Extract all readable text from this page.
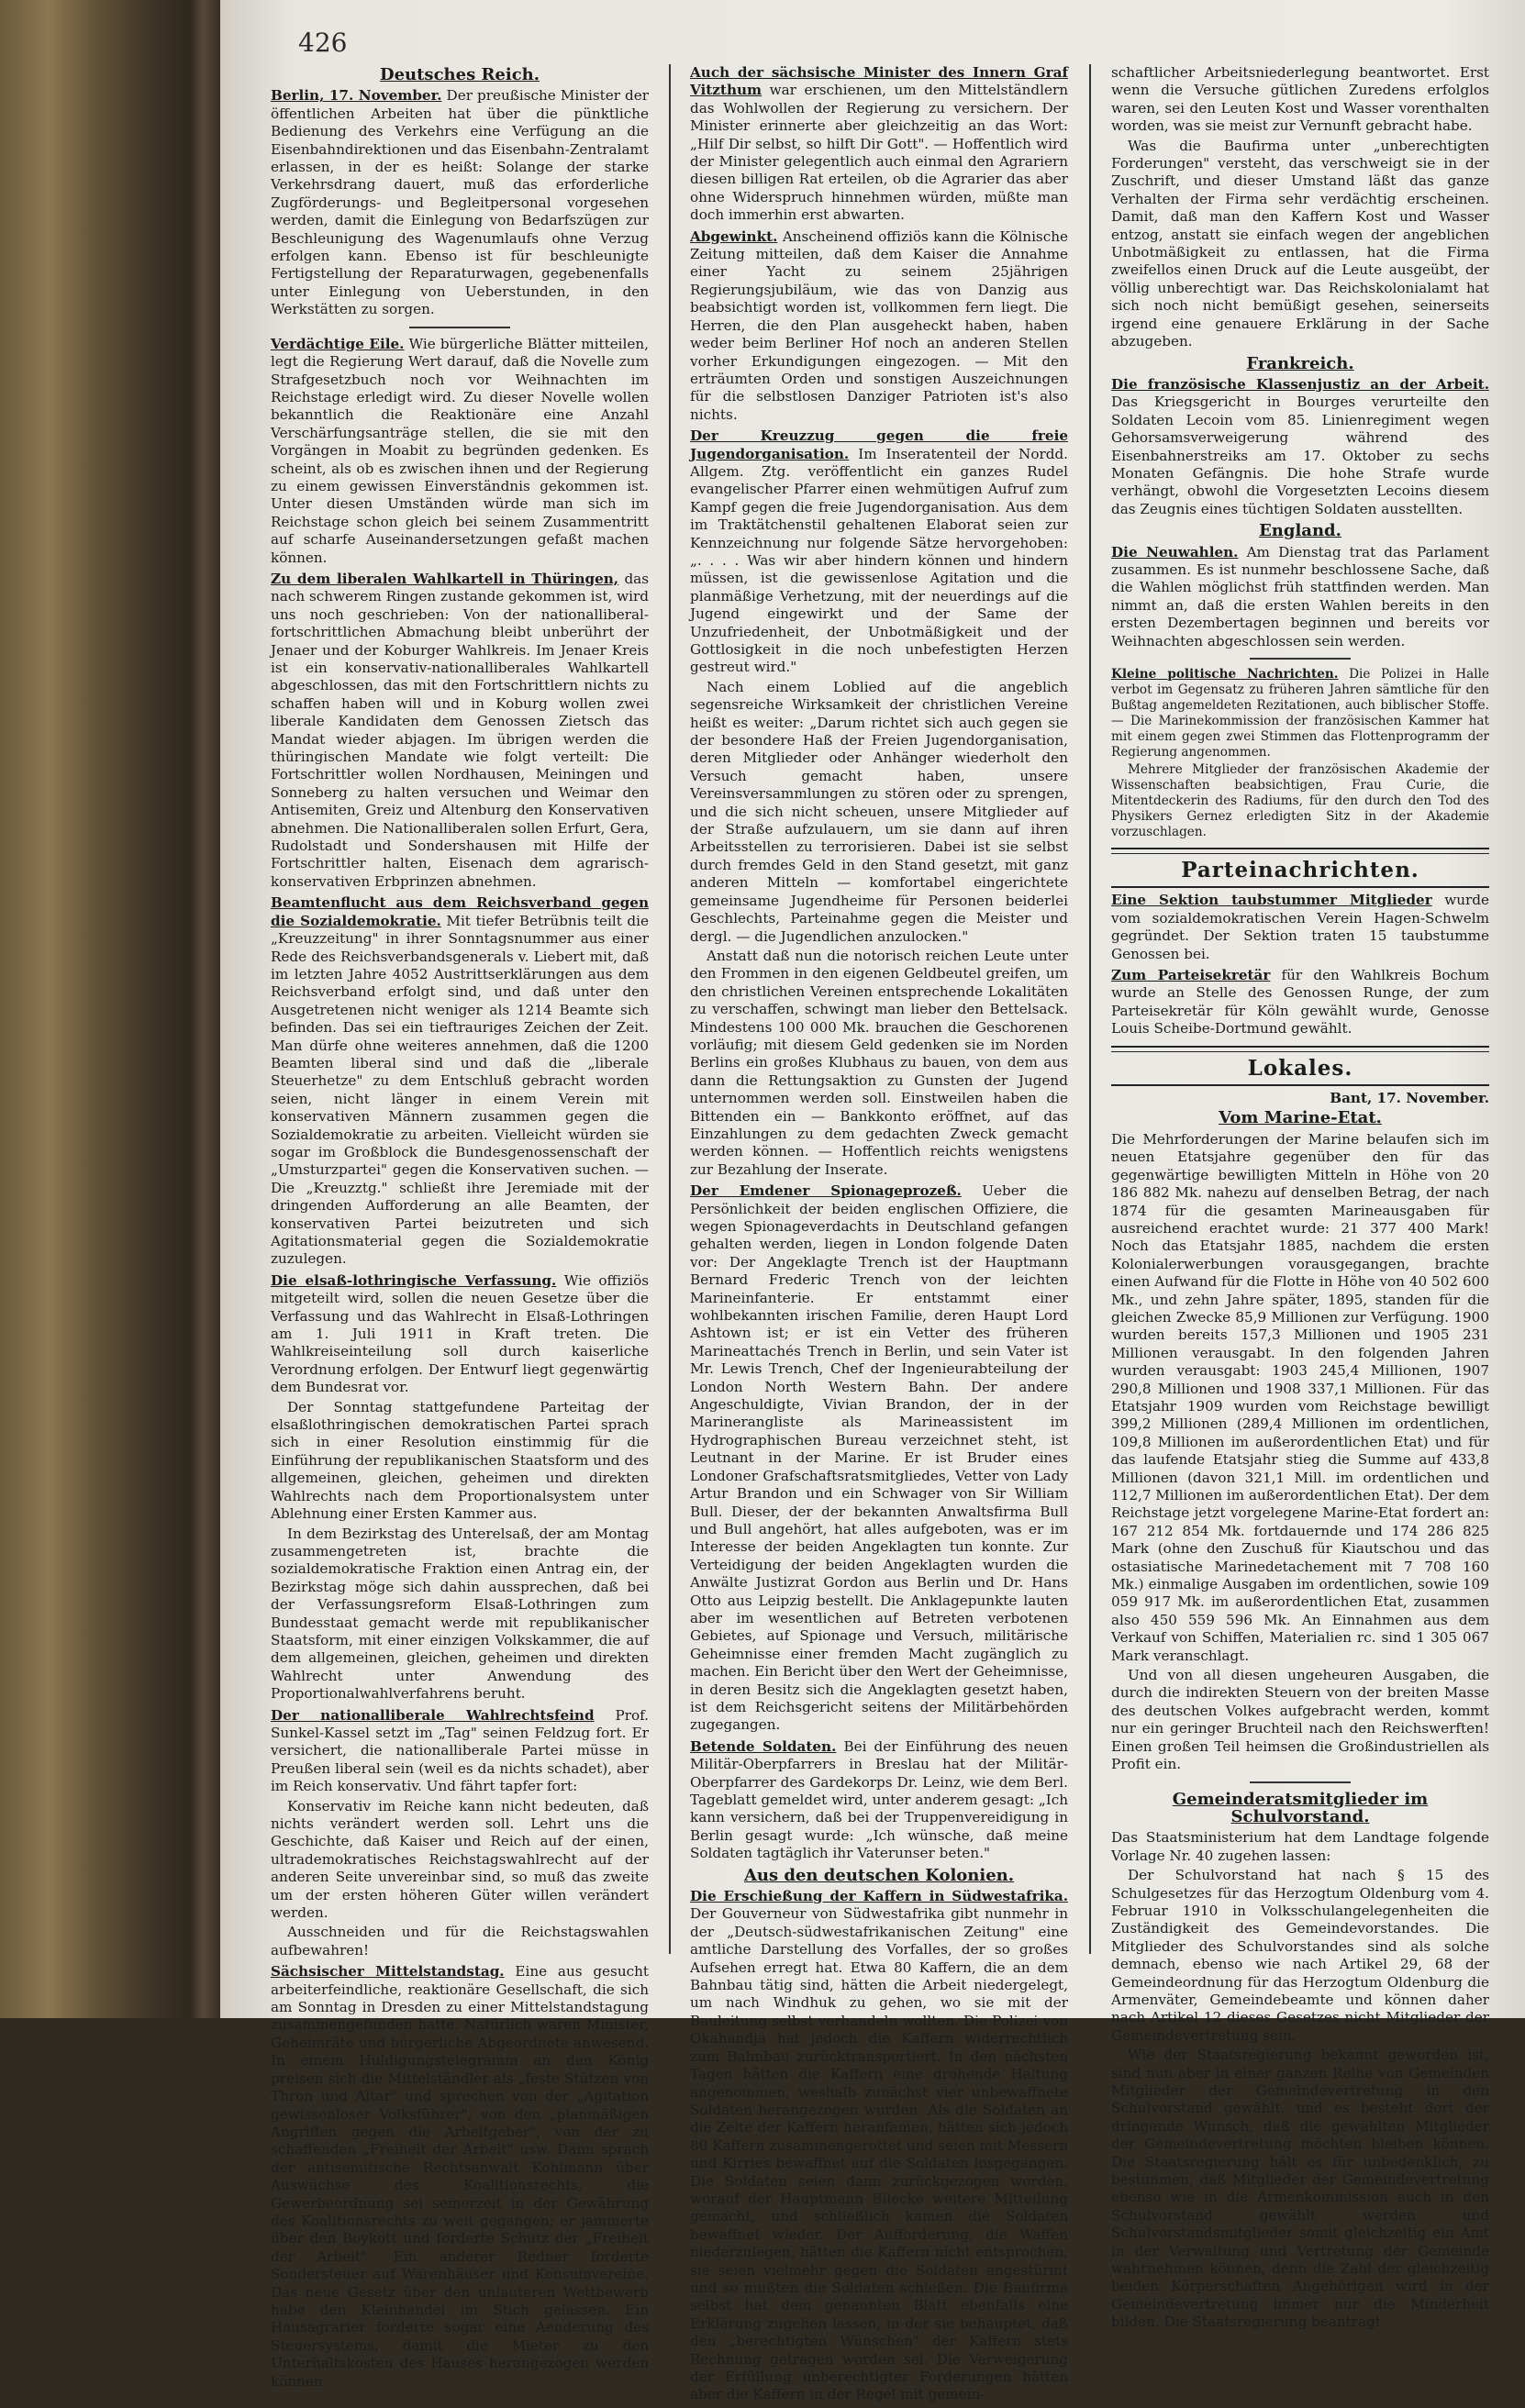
426
Deutsches Reich.

Berlin, 17. November. Der preußische Minister der öffentlichen Arbeiten hat über die pünktliche Bedienung des Verkehrs eine Verfügung an die Eisenbahndirektionen und das Eisenbahn-Zentralamt erlassen, in der es heißt: Solange der starke Verkehrsdrang dauert, muß das erforderliche Zugförderungs- und Begleitpersonal vorgesehen werden, damit die Einlegung von Bedarfszügen zur Beschleunigung des Wagenumlaufs ohne Verzug erfolgen kann. Ebenso ist für beschleunigte Fertigstellung der Reparaturwagen, gegebenenfalls unter Einlegung von Ueberstunden, in den Werkstätten zu sorgen.

Verdächtige Eile. Wie bürgerliche Blätter mitteilen, legt die Regierung Wert darauf, daß die Novelle zum Strafgesetzbuch noch vor Weihnachten im Reichstage erledigt wird. Zu dieser Novelle wollen bekanntlich die Reaktionäre eine Anzahl Verschärfungsanträge stellen, die sie mit den Vorgängen in Moabit zu begründen gedenken. Es scheint, als ob es zwischen ihnen und der Regierung zu einem gewissen Einverständnis gekommen ist. Unter diesen Umständen würde man sich im Reichstage schon gleich bei seinem Zusammentritt auf scharfe Auseinandersetzungen gefaßt machen können.

Zu dem liberalen Wahlkartell in Thüringen, das nach schwerem Ringen zustande gekommen ist, wird uns noch geschrieben: Von der nationalliberal-fortschrittlichen Abmachung bleibt unberührt der Jenaer und der Koburger Wahlkreis. Im Jenaer Kreis ist ein konservativ-nationalliberales Wahlkartell abgeschlossen, das mit den Fortschrittlern nichts zu schaffen haben will und in Koburg wollen zwei liberale Kandidaten dem Genossen Zietsch das Mandat wieder abjagen. Im übrigen werden die thüringischen Mandate wie folgt verteilt: Die Fortschrittler wollen Nordhausen, Meiningen und Sonneberg zu halten versuchen und Weimar den Antisemiten, Greiz und Altenburg den Konservativen abnehmen. Die Nationalliberalen sollen Erfurt, Gera, Rudolstadt und Sondershausen mit Hilfe der Fortschrittler halten, Eisenach dem agrarisch-konservativen Erbprinzen abnehmen.

Beamtenflucht aus dem Reichsverband gegen die Sozialdemokratie. Mit tiefer Betrübnis teilt die „Kreuzzeitung" in ihrer Sonntagsnummer aus einer Rede des Reichsverbandsgenerals v. Liebert mit, daß im letzten Jahre 4052 Austrittserklärungen aus dem Reichsverband erfolgt sind, und daß unter den Ausgetretenen nicht weniger als 1214 Beamte sich befinden. Das sei ein tieftrauriges Zeichen der Zeit. Man dürfe ohne weiteres annehmen, daß die 1200 Beamten liberal sind und daß die „liberale Steuerhetze" zu dem Entschluß gebracht worden seien, nicht länger in einem Verein mit konservativen Männern zusammen gegen die Sozialdemokratie zu arbeiten. Vielleicht würden sie sogar im Großblock die Bundesgenossenschaft der „Umsturzpartei" gegen die Konservativen suchen. — Die „Kreuzztg." schließt ihre Jeremiade mit der dringenden Aufforderung an alle Beamten, der konservativen Partei beizutreten und sich Agitationsmaterial gegen die Sozialdemokratie zuzulegen.

Die elsaß-lothringische Verfassung. Wie offiziös mitgeteilt wird, sollen die neuen Gesetze über die Verfassung und das Wahlrecht in Elsaß-Lothringen am 1. Juli 1911 in Kraft treten. Die Wahlkreiseinteilung soll durch kaiserliche Verordnung erfolgen. Der Entwurf liegt gegenwärtig dem Bundesrat vor.

Der Sonntag stattgefundene Parteitag der elsaßlothringischen demokratischen Partei sprach sich in einer Resolution einstimmig für die Einführung der republikanischen Staatsform und des allgemeinen, gleichen, geheimen und direkten Wahlrechts nach dem Proportionalsystem unter Ablehnung einer Ersten Kammer aus.

In dem Bezirkstag des Unterelsaß, der am Montag zusammengetreten ist, brachte die sozialdemokratische Fraktion einen Antrag ein, der Bezirkstag möge sich dahin aussprechen, daß bei der Verfassungsreform Elsaß-Lothringen zum Bundesstaat gemacht werde mit republikanischer Staatsform, mit einer einzigen Volkskammer, die auf dem allgemeinen, gleichen, geheimen und direkten Wahlrecht unter Anwendung des Proportionalwahlverfahrens beruht.

Der nationalliberale Wahlrechtsfeind Prof. Sunkel-Kassel setzt im „Tag" seinen Feldzug fort. Er versichert, die nationalliberale Partei müsse in Preußen liberal sein (weil es da nichts schadet), aber im Reich konservativ. Und fährt tapfer fort:

Konservativ im Reiche kann nicht bedeuten, daß nichts verändert werden soll. Lehrt uns die Geschichte, daß Kaiser und Reich auf der einen, ultrademokratisches Reichstagswahlrecht auf der anderen Seite unvereinbar sind, so muß das zweite um der ersten höheren Güter willen verändert werden.

Ausschneiden und für die Reichstagswahlen aufbewahren!

Sächsischer Mittelstandstag. Eine aus gesucht arbeiterfeindliche, reaktionäre Gesellschaft, die sich am Sonntag in Dresden zu einer Mittelstandstagung zusammengefunden hatte. Natürlich waren Minister, Geheimräte und bürgerliche Abgeordnete anwesend. In einem Huldigungstelegramm an den König preisen sich die Mittelständler als „feste Stützen von Thron und Altar" und sprechen von der „Agitation gewissenloser Volksführer", von den „planmäßigen Angriffen gegen die Arbeitgeber", von der zu schaffenden „Freiheit der Arbeit" usw. Dann sprach der antisemitische Rechtsanwalt Kohlmann über Auswüchse des Koalitionsrechts, die Gewerbeordnung sei seinerzeit in der Gewährung des Koalitionsrechts zu weit gegangen; er jammerte über den Boykott und forderte Schutz der „Freiheit der Arbeit". Ein anderer Redner forderte Sondersteuer auf Warenhäuser und Konsumvereine. Das neue Gesetz über den unlauteren Wettbewerb habe den Kleinhandel im Stich gelassen. Ein Hausagrarier forderte sogar eine Aenderung des Steuersystems, damit die Mieter zu den Unterhaltskosten des Hauses herangezogen werden können.

Auch der sächsische Minister des Innern Graf Vitzthum war erschienen, um den Mittelständlern das Wohlwollen der Regierung zu versichern. Der Minister erinnerte aber gleichzeitig an das Wort: „Hilf Dir selbst, so hilft Dir Gott". — Hoffentlich wird der Minister gelegentlich auch einmal den Agrariern diesen billigen Rat erteilen, ob die Agrarier das aber ohne Widerspruch hinnehmen würden, müßte man doch immerhin erst abwarten.

Abgewinkt. Anscheinend offiziös kann die Kölnische Zeitung mitteilen, daß dem Kaiser die Annahme einer Yacht zu seinem 25jährigen Regierungsjubiläum, wie das von Danzig aus beabsichtigt worden ist, vollkommen fern liegt. Die Herren, die den Plan ausgeheckt haben, haben weder beim Berliner Hof noch an anderen Stellen vorher Erkundigungen eingezogen. — Mit den erträumten Orden und sonstigen Auszeichnungen für die selbstlosen Danziger Patrioten ist's also nichts.

Der Kreuzzug gegen die freie Jugendorganisation. Im Inseratenteil der Nordd. Allgem. Ztg. veröffentlicht ein ganzes Rudel evangelischer Pfarrer einen wehmütigen Aufruf zum Kampf gegen die freie Jugendorganisation. Aus dem im Traktätchenstil gehaltenen Elaborat seien zur Kennzeichnung nur folgende Sätze hervorgehoben: „. . . . Was wir aber hindern können und hindern müssen, ist die gewissenlose Agitation und die planmäßige Verhetzung, mit der neuerdings auf die Jugend eingewirkt und der Same der Unzufriedenheit, der Unbotmäßigkeit und der Gottlosigkeit in die noch unbefestigten Herzen gestreut wird."

Nach einem Loblied auf die angeblich segensreiche Wirksamkeit der christlichen Vereine heißt es weiter: „Darum richtet sich auch gegen sie der besondere Haß der Freien Jugendorganisation, deren Mitglieder oder Anhänger wiederholt den Versuch gemacht haben, unsere Vereinsversammlungen zu stören oder zu sprengen, und die sich nicht scheuen, unsere Mitglieder auf der Straße aufzulauern, um sie dann auf ihren Arbeitsstellen zu terrorisieren. Dabei ist sie selbst durch fremdes Geld in den Stand gesetzt, mit ganz anderen Mitteln — komfortabel eingerichtete gemeinsame Jugendheime für Personen beiderlei Geschlechts, Parteinahme gegen die Meister und dergl. — die Jugendlichen anzulocken."

Anstatt daß nun die notorisch reichen Leute unter den Frommen in den eigenen Geldbeutel greifen, um den christlichen Vereinen entsprechende Lokalitäten zu verschaffen, schwingt man lieber den Bettelsack. Mindestens 100 000 Mk. brauchen die Geschorenen vorläufig; mit diesem Geld gedenken sie im Norden Berlins ein großes Klubhaus zu bauen, von dem aus dann die Rettungsaktion zu Gunsten der Jugend unternommen werden soll. Einstweilen haben die Bittenden ein — Bankkonto eröffnet, auf das Einzahlungen zu dem gedachten Zweck gemacht werden können. — Hoffentlich reichts wenigstens zur Bezahlung der Inserate.

Der Emdener Spionageprozeß. Ueber die Persönlichkeit der beiden englischen Offiziere, die wegen Spionageverdachts in Deutschland gefangen gehalten werden, liegen in London folgende Daten vor: Der Angeklagte Trench ist der Hauptmann Bernard Frederic Trench von der leichten Marineinfanterie. Er entstammt einer wohlbekannten irischen Familie, deren Haupt Lord Ashtown ist; er ist ein Vetter des früheren Marineattachés Trench in Berlin, und sein Vater ist Mr. Lewis Trench, Chef der Ingenieurabteilung der London North Western Bahn. Der andere Angeschuldigte, Vivian Brandon, der in der Marinerangliste als Marineassistent im Hydrographischen Bureau verzeichnet steht, ist Leutnant in der Marine. Er ist Bruder eines Londoner Grafschaftsratsmitgliedes, Vetter von Lady Artur Brandon und ein Schwager von Sir William Bull. Dieser, der der bekannten Anwaltsfirma Bull und Bull angehört, hat alles aufgeboten, was er im Interesse der beiden Angeklagten tun konnte. Zur Verteidigung der beiden Angeklagten wurden die Anwälte Justizrat Gordon aus Berlin und Dr. Hans Otto aus Leipzig bestellt. Die Anklagepunkte lauten aber im wesentlichen auf Betreten verbotenen Gebietes, auf Spionage und Versuch, militärische Geheimnisse einer fremden Macht zugänglich zu machen. Ein Bericht über den Wert der Geheimnisse, in deren Besitz sich die Angeklagten gesetzt haben, ist dem Reichsgericht seitens der Militärbehörden zugegangen.

Betende Soldaten. Bei der Einführung des neuen Militär-Oberpfarrers in Breslau hat der Militär-Oberpfarrer des Gardekorps Dr. Leinz, wie dem Berl. Tageblatt gemeldet wird, unter anderem gesagt: „Ich kann versichern, daß bei der Truppenvereidigung in Berlin gesagt wurde: „Ich wünsche, daß meine Soldaten tagtäglich ihr Vaterunser beten."

Aus den deutschen Kolonien.

Die Erschießung der Kaffern in Südwestafrika. Der Gouverneur von Südwestafrika gibt nunmehr in der „Deutsch-südwestafrikanischen Zeitung" eine amtliche Darstellung des Vorfalles, der so großes Aufsehen erregt hat. Etwa 80 Kaffern, die an dem Bahnbau tätig sind, hätten die Arbeit niedergelegt, um nach Windhuk zu gehen, wo sie mit der Bauleitung selbst verhandeln wollten. Die Polizei von Okahandja hat jedoch die Kaffern widerrechtlich zum Bahnbau zurücktransportiert. In den nächsten Tagen hätten die Kaffern eine drohende Haltung angenommen, weshalb zunächst vier unbewaffnete Soldaten herangezogen wurden. Als die Soldaten an die Zelte der Kaffern heranfamen, hätten sich jedoch 80 Kaffern zusammengerottet und seien mit Messern und Kirries bewaffnet auf die Soldaten losgegangen. Die Soldaten seien dann zurückgezogen worden, worauf der Hauptmann Bilecke weitere Mitteilung gemacht, und schließlich kamen die Soldaten bewaffnet wieder. Der Aufforderung, die Waffen niederzulegen, hätten die Kaffern nicht entsprochen, sie seien vielmehr gegen die Soldaten angestürmt und so mußten die Soldaten schießen. Die Baufirma selbst hat dem genannten Blatt ebenfalls eine Erklärung zugehen lassen, in der sie behauptet, daß den „berechtigten Wünschen" der Kaffern stets Rechnung getragen worden sei. Die Verweigerung der Erfüllung unberechtigter Forderungen hätten aber die Kaffern in der Regel mit gemein-

schaftlicher Arbeitsniederlegung beantwortet. Erst wenn die Versuche gütlichen Zuredens erfolglos waren, sei den Leuten Kost und Wasser vorenthalten worden, was sie meist zur Vernunft gebracht habe.

Was die Baufirma unter „unberechtigten Forderungen" versteht, das verschweigt sie in der Zuschrift, und dieser Umstand läßt das ganze Verhalten der Firma sehr verdächtig erscheinen. Damit, daß man den Kaffern Kost und Wasser entzog, anstatt sie einfach wegen der angeblichen Unbotmäßigkeit zu entlassen, hat die Firma zweifellos einen Druck auf die Leute ausgeübt, der völlig unberechtigt war. Das Reichskolonialamt hat sich noch nicht bemüßigt gesehen, seinerseits irgend eine genauere Erklärung in der Sache abzugeben.

Frankreich.

Die französische Klassenjustiz an der Arbeit. Das Kriegsgericht in Bourges verurteilte den Soldaten Lecoin vom 85. Linienregiment wegen Gehorsamsverweigerung während des Eisenbahnerstreiks am 17. Oktober zu sechs Monaten Gefängnis. Die hohe Strafe wurde verhängt, obwohl die Vorgesetzten Lecoins diesem das Zeugnis eines tüchtigen Soldaten ausstellten.

England.

Die Neuwahlen. Am Dienstag trat das Parlament zusammen. Es ist nunmehr beschlossene Sache, daß die Wahlen möglichst früh stattfinden werden. Man nimmt an, daß die ersten Wahlen bereits in den ersten Dezembertagen beginnen und bereits vor Weihnachten abgeschlossen sein werden.

Kleine politische Nachrichten. Die Polizei in Halle verbot im Gegensatz zu früheren Jahren sämtliche für den Bußtag angemeldeten Rezitationen, auch biblischer Stoffe. — Die Marinekommission der französischen Kammer hat mit einem gegen zwei Stimmen das Flottenprogramm der Regierung angenommen.

Mehrere Mitglieder der französischen Akademie der Wissenschaften beabsichtigen, Frau Curie, die Mitentdeckerin des Radiums, für den durch den Tod des Physikers Gernez erledigten Sitz in der Akademie vorzuschlagen.

Parteinachrichten.

Eine Sektion taubstummer Mitglieder wurde vom sozialdemokratischen Verein Hagen-Schwelm gegründet. Der Sektion traten 15 taubstumme Genossen bei.

Zum Parteisekretär für den Wahlkreis Bochum wurde an Stelle des Genossen Runge, der zum Parteisekretär für Köln gewählt wurde, Genosse Louis Scheibe-Dortmund gewählt.

Lokales.
Bant, 17. November.
Vom Marine-Etat.

Die Mehrforderungen der Marine belaufen sich im neuen Etatsjahre gegenüber den für das gegenwärtige bewilligten Mitteln in Höhe von 20 186 882 Mk. nahezu auf denselben Betrag, der nach 1874 für die gesamten Marineausgaben für ausreichend erachtet wurde: 21 377 400 Mark! Noch das Etatsjahr 1885, nachdem die ersten Kolonialerwerbungen vorausgegangen, brachte einen Aufwand für die Flotte in Höhe von 40 502 600 Mk., und zehn Jahre später, 1895, standen für die gleichen Zwecke 85,9 Millionen zur Verfügung. 1900 wurden bereits 157,3 Millionen und 1905 231 Millionen verausgabt. In den folgenden Jahren wurden verausgabt: 1903 245,4 Millionen, 1907 290,8 Millionen und 1908 337,1 Millionen. Für das Etatsjahr 1909 wurden vom Reichstage bewilligt 399,2 Millionen (289,4 Millionen im ordentlichen, 109,8 Millionen im außerordentlichen Etat) und für das laufende Etatsjahr stieg die Summe auf 433,8 Millionen (davon 321,1 Mill. im ordentlichen und 112,7 Millionen im außerordentlichen Etat). Der dem Reichstage jetzt vorgelegene Marine-Etat fordert an: 167 212 854 Mk. fortdauernde und 174 286 825 Mark (ohne den Zuschuß für Kiautschou und das ostasiatische Marinedetachement mit 7 708 160 Mk.) einmalige Ausgaben im ordentlichen, sowie 109 059 917 Mk. im außerordentlichen Etat, zusammen also 450 559 596 Mk. An Einnahmen aus dem Verkauf von Schiffen, Materialien rc. sind 1 305 067 Mark veranschlagt.

Und von all diesen ungeheuren Ausgaben, die durch die indirekten Steuern von der breiten Masse des deutschen Volkes aufgebracht werden, kommt nur ein geringer Bruchteil nach den Reichswerften! Einen großen Teil heimsen die Großindustriellen als Profit ein.

Gemeinderatsmitglieder im Schulvorstand.

Das Staatsministerium hat dem Landtage folgende Vorlage Nr. 40 zugehen lassen:

Der Schulvorstand hat nach § 15 des Schulgesetzes für das Herzogtum Oldenburg vom 4. Februar 1910 in Volksschulangelegenheiten die Zuständigkeit des Gemeindevorstandes. Die Mitglieder des Schulvorstandes sind als solche demnach, ebenso wie nach Artikel 29, 68 der Gemeindeordnung für das Herzogtum Oldenburg die Armenväter, Gemeindebeamte und können daher nach Artikel 12 dieses Gesetzes nicht Mitglieder der Gemeindevertretung sein.

Wie der Staatsregierung bekannt geworden ist, sind nun aber in einer ganzen Reihe von Gemeinden Mitglieder der Gemeindevertretung in den Schulvorstand gewählt, und es besteht dort der dringende Wunsch, daß die gewählten Mitglieder der Gemeindevertretung möchten bleiben können. Die Staatsregierung hält es für unbedenklich, zu bestimmen, daß Mitglieder der Gemeindevertretung ebenso wie in die Armenkommission auch in den Schulvorstand gewählt werden und Schulvorstandsmitglieder somit gleichzeitig ein Amt in der Verwaltung und Vertretung der Gemeinde wahrnehmen können, denn die Zahl der gleichzeitig beiden Körperschaften Angehörigen wird in der Gemeindevertretung immer nur die Minderheit bilden. Die Staatsregierung beantragt
